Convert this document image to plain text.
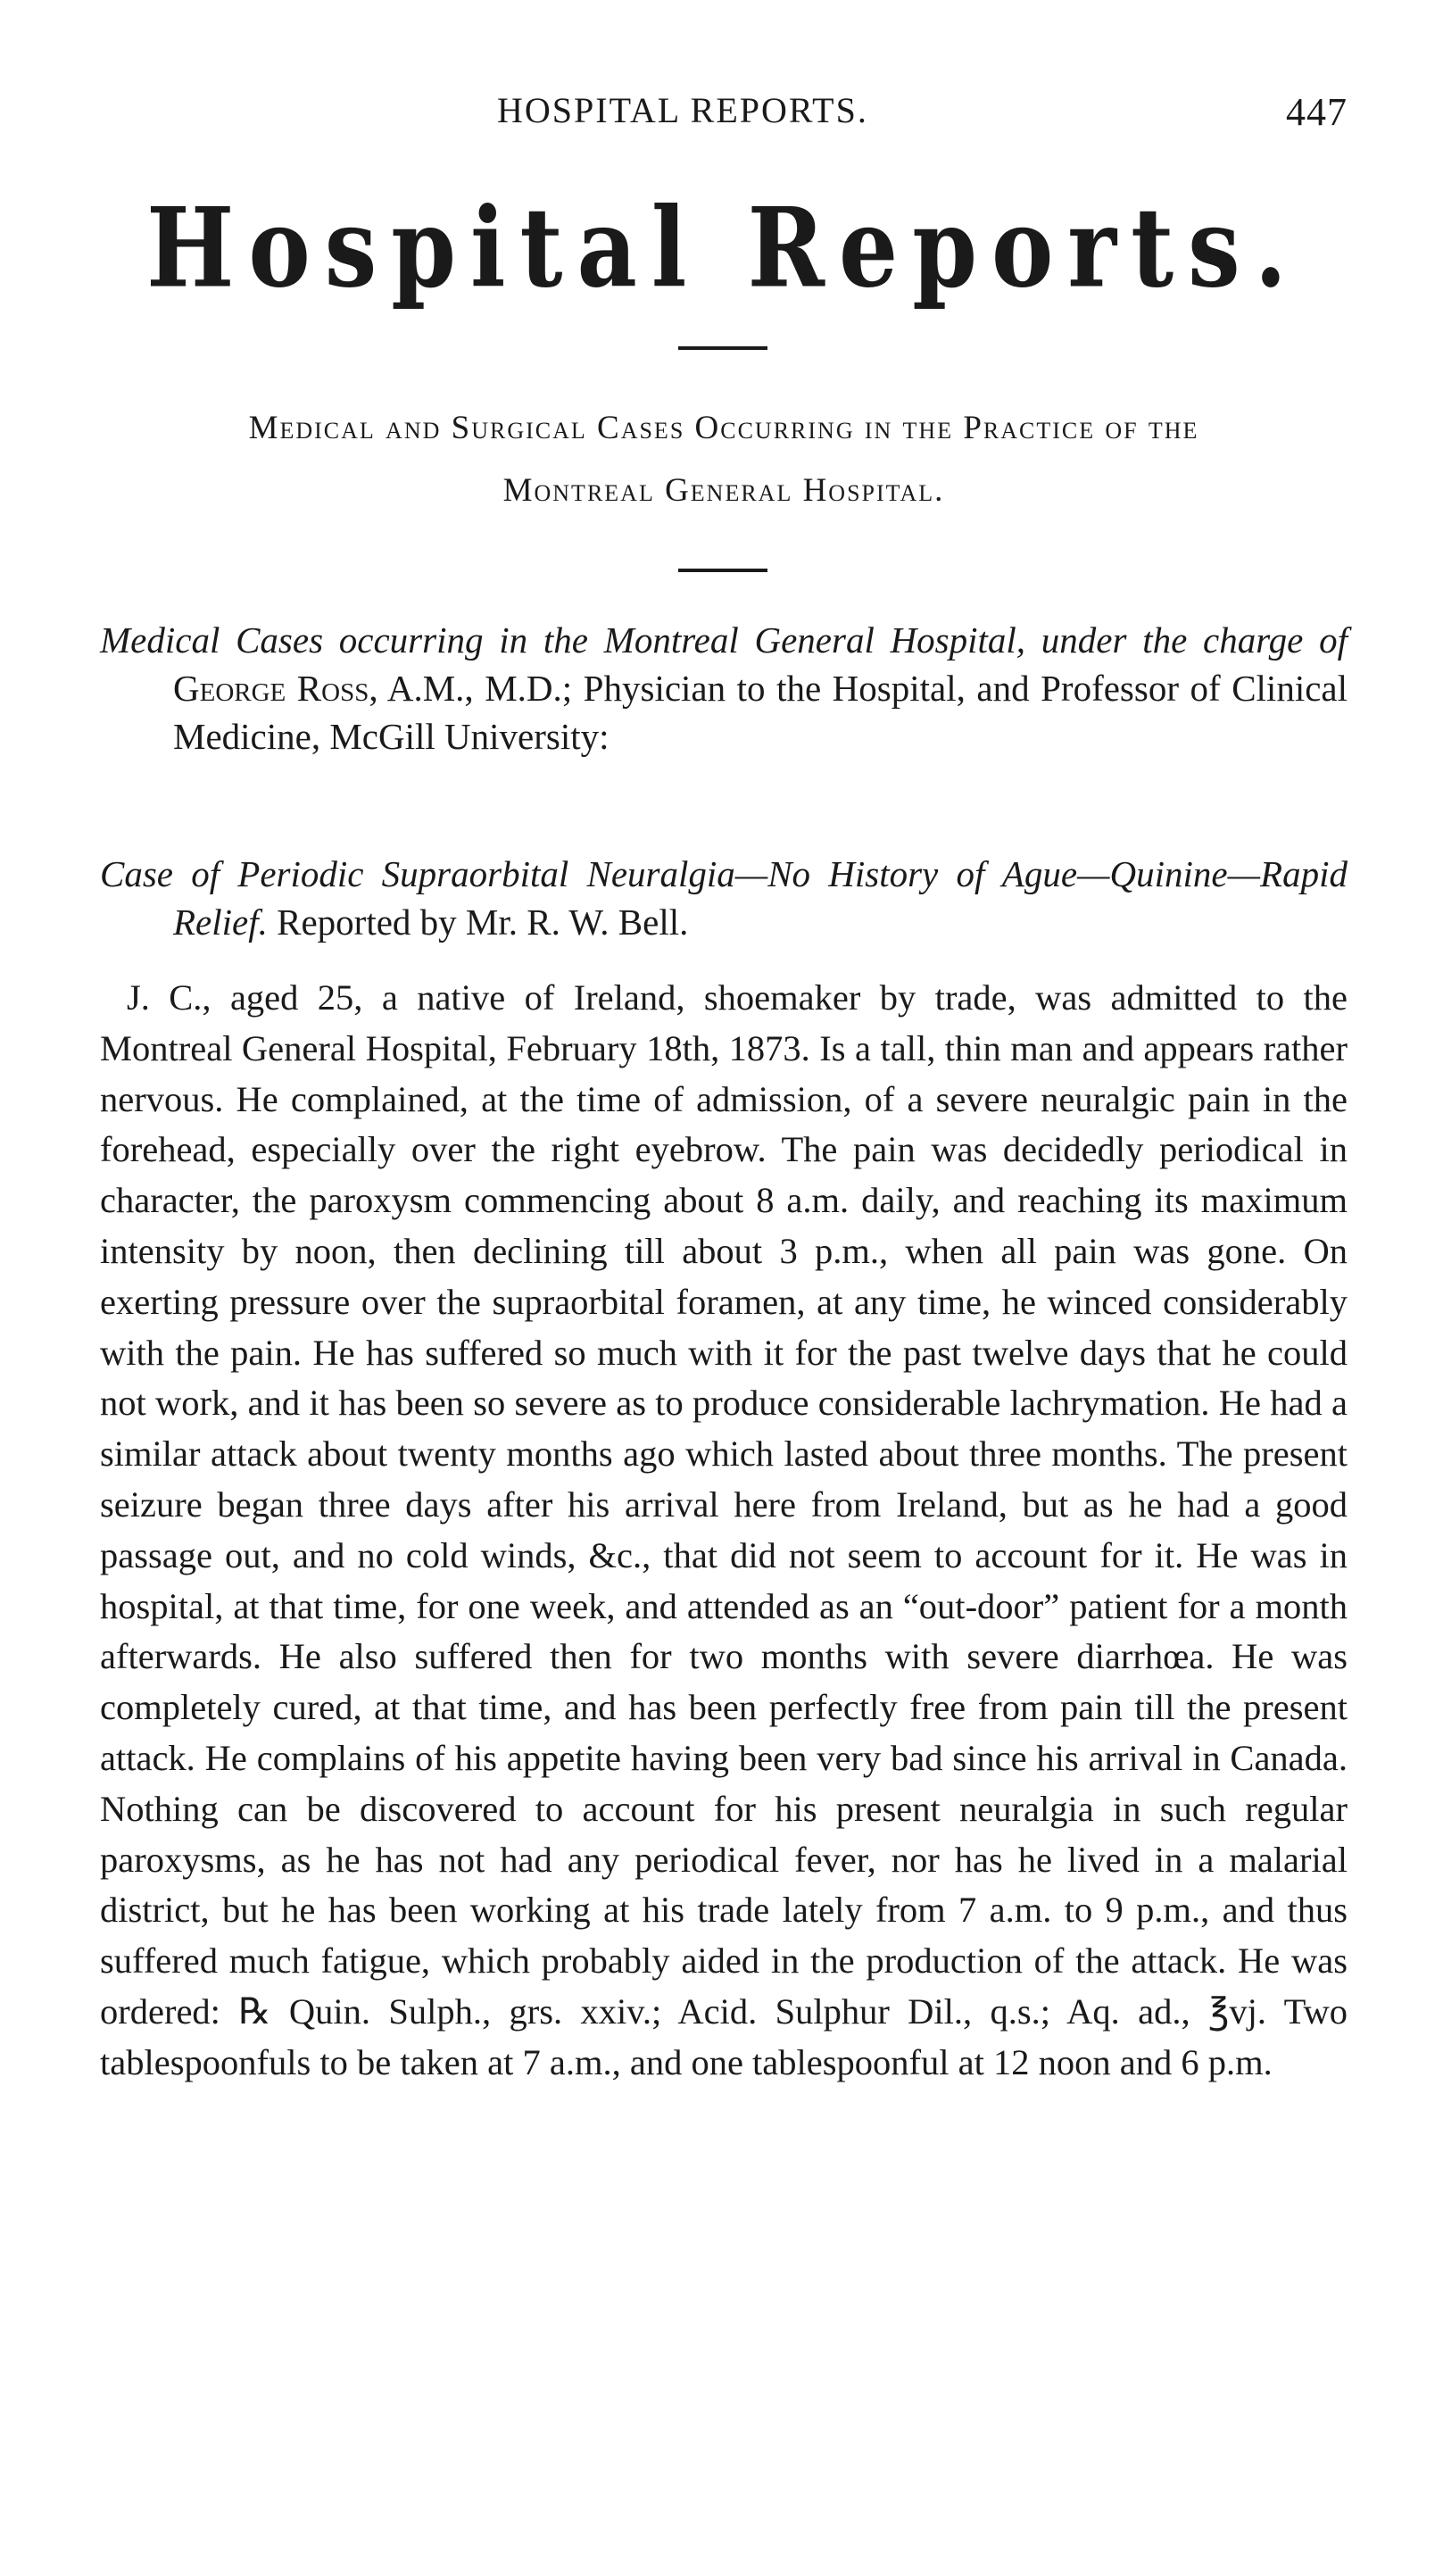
HOSPITAL REPORTS.	447
Hospital Reports.
Medical and Surgical Cases Occurring in the Practice of the
Montreal General Hospital.

Medical Cases occurring in the Montreal General Hospital, under the charge of George Ross, A.M., M.D.; Physician to the Hospital, and Professor of Clinical Medicine, McGill University:

Case of Periodic Supraorbital Neuralgia—No History of Ague—Quinine—Rapid Relief. Reported by Mr. R. W. Bell.

J. C., aged 25, a native of Ireland, shoemaker by trade, was admitted to the Montreal General Hospital, February 18th, 1873. Is a tall, thin man and appears rather nervous. He complained, at the time of admission, of a severe neuralgic pain in the forehead, especially over the right eyebrow. The pain was decidedly periodical in character, the paroxysm commencing about 8 a.m. daily, and reaching its maximum intensity by noon, then declining till about 3 p.m., when all pain was gone. On exerting pressure over the supraorbital foramen, at any time, he winced considerably with the pain. He has suffered so much with it for the past twelve days that he could not work, and it has been so severe as to produce considerable lachrymation. He had a similar attack about twenty months ago which lasted about three months. The present seizure began three days after his arrival here from Ireland, but as he had a good passage out, and no cold winds, &c., that did not seem to account for it. He was in hospital, at that time, for one week, and attended as an “out-door” patient for a month afterwards. He also suffered then for two months with severe diarrhœa. He was completely cured, at that time, and has been perfectly free from pain till the present attack. He complains of his appetite having been very bad since his arrival in Canada. Nothing can be discovered to account for his present neuralgia in such regular paroxysms, as he has not had any periodical fever, nor has he lived in a malarial district, but he has been working at his trade lately from 7 a.m. to 9 p.m., and thus suffered much fatigue, which probably aided in the production of the attack. He was ordered: ℞ Quin. Sulph., grs. xxiv.; Acid. Sulphur Dil., q.s.; Aq. ad., ℥vj. Two tablespoonfuls to be taken at 7 a.m., and one tablespoonful at 12 noon and 6 p.m.
